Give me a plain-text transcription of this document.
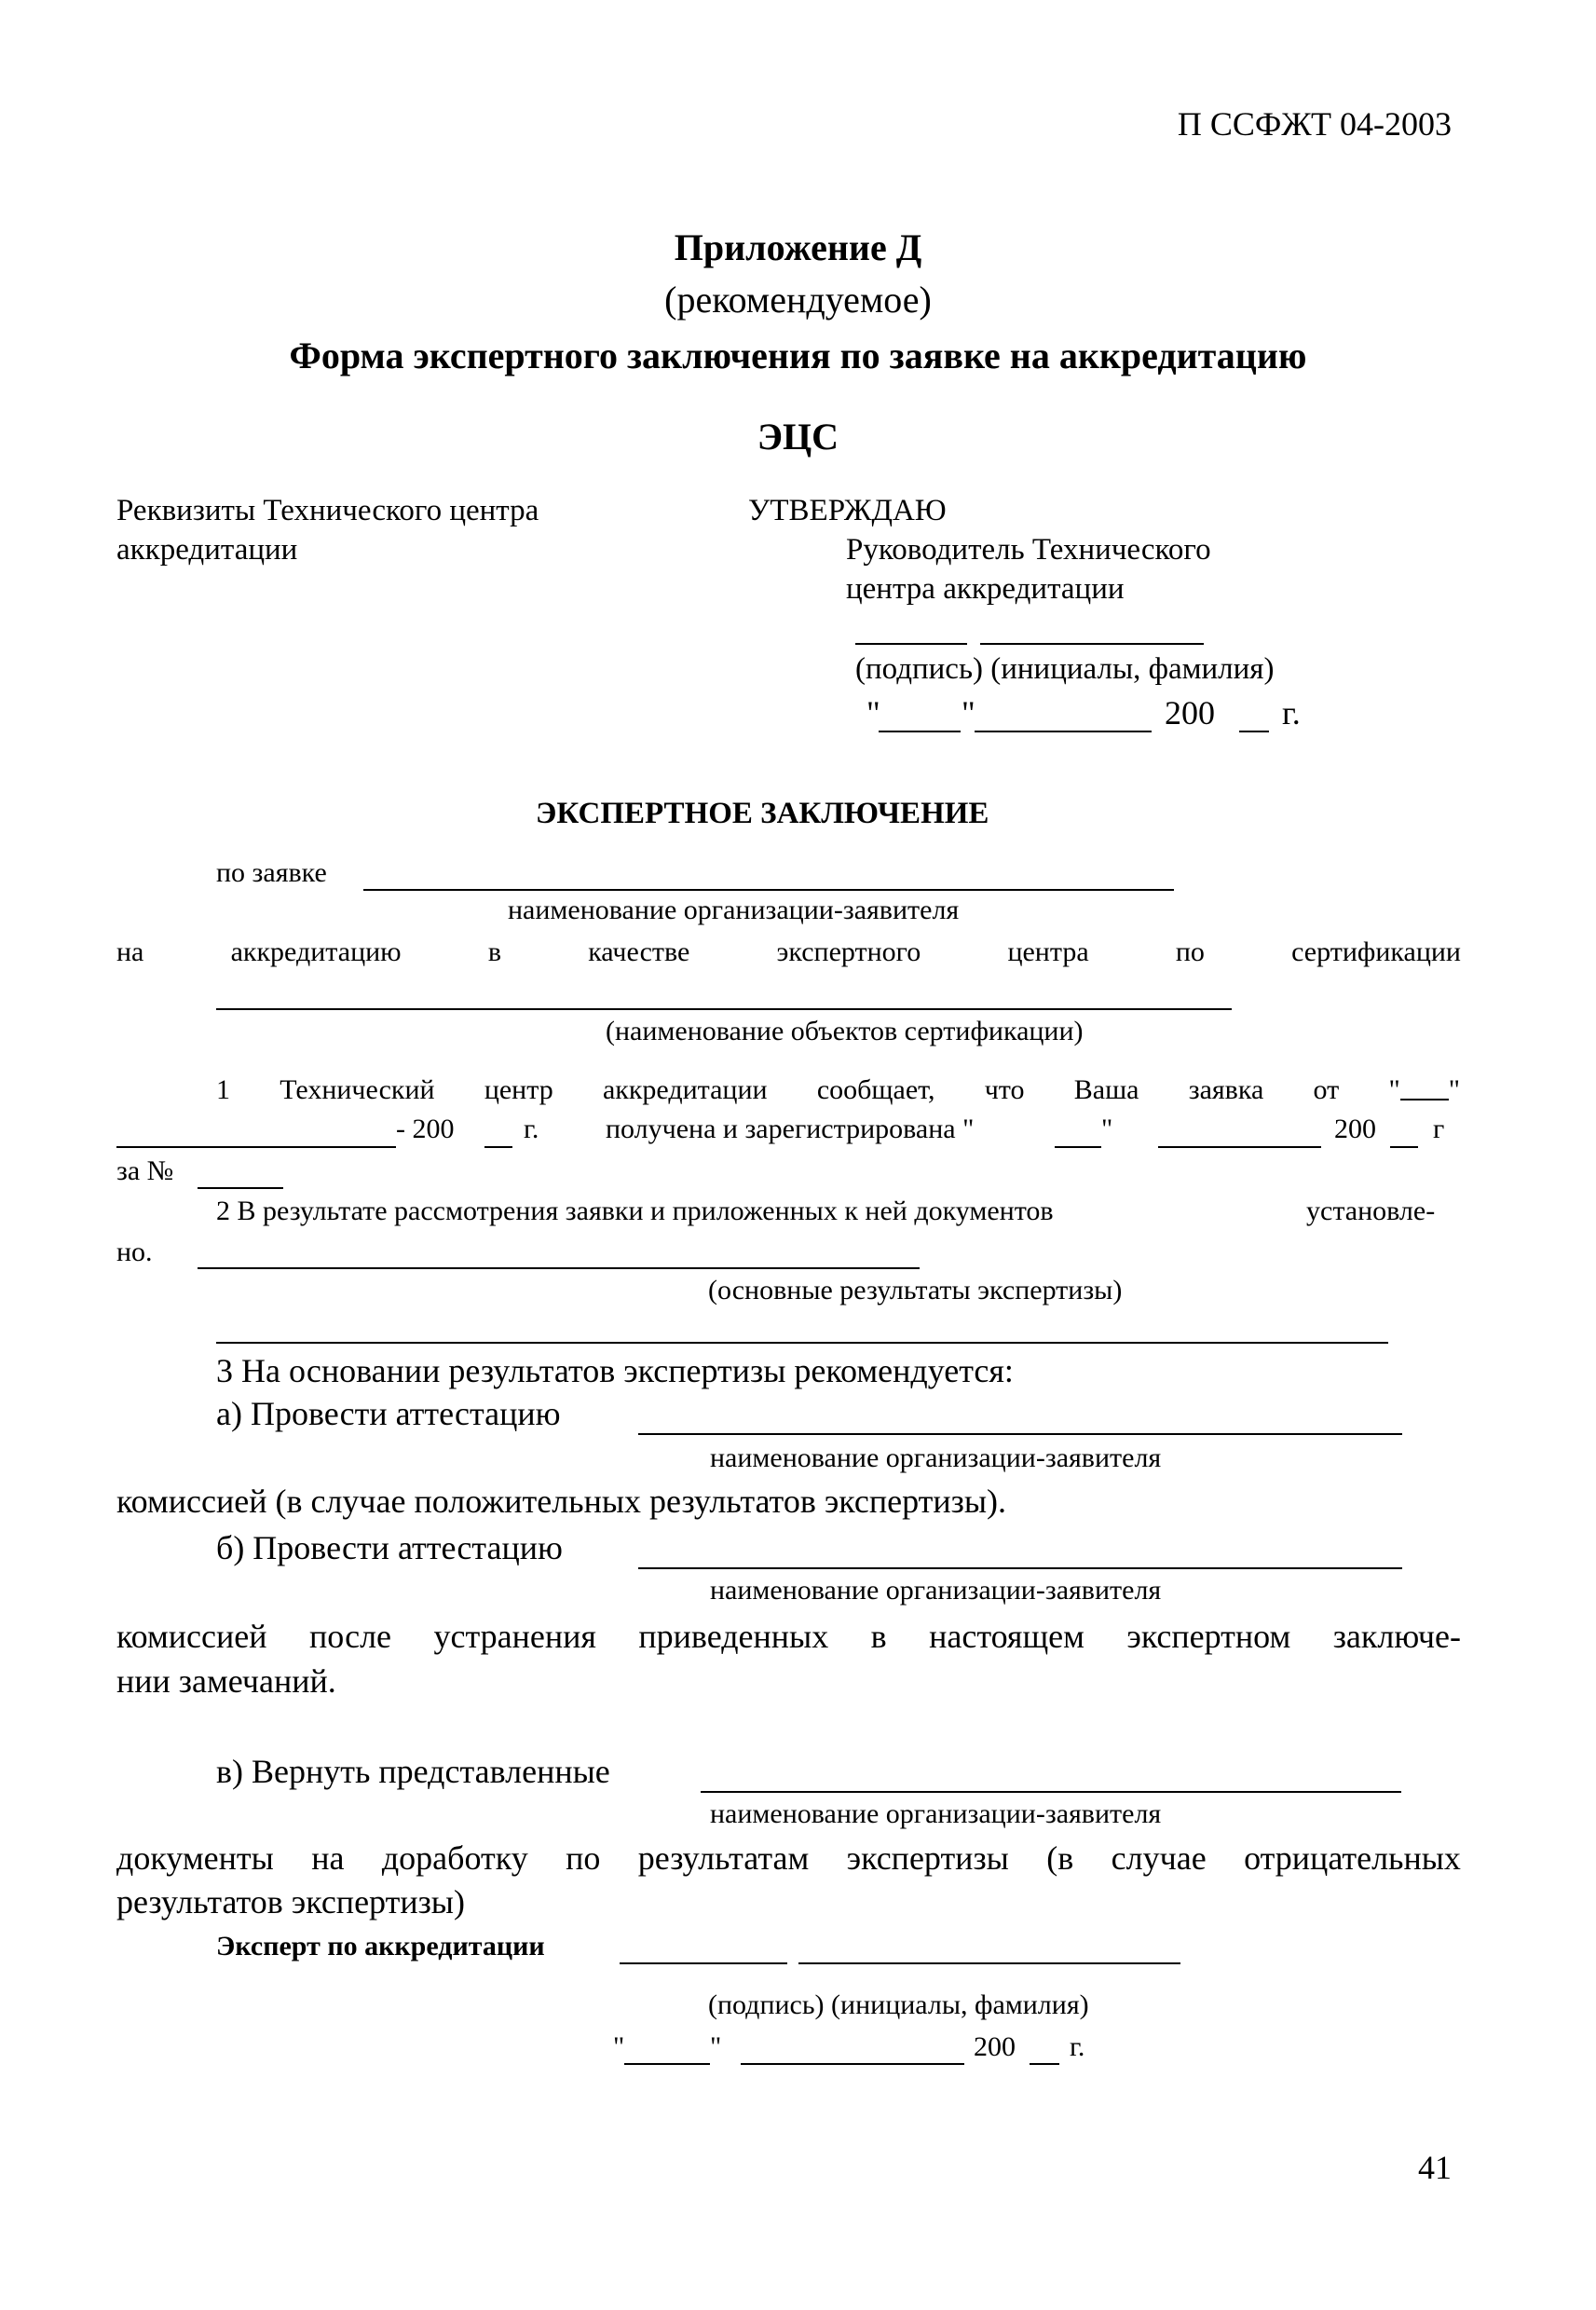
П ССФЖТ 04-2003
Приложение Д
(рекомендуемое)
Форма экспертного заключения по заявке на аккредитацию
ЭЦС
Реквизиты Технического центра
аккредитации
УТВЕРЖДАЮ
Руководитель Технического
центра аккредитации
(подпись) (инициалы, фамилия)
" "	200 г.
ЭКСПЕРТНОЕ ЗАКЛЮЧЕНИЕ
по заявке
наименование организации-заявителя
на	аккредитацию	в	качестве	экспертного	центра	по	сертификации
(наименование объектов сертификации)
1 Технический центр аккредитации сообщает, что Ваша заявка от " "
- 200 г. получена и зарегистрирована "	"	200 г
за №
2 В результате рассмотрения заявки и приложенных к ней документов	установле-
но.
(основные результаты экспертизы)
3 На основании результатов экспертизы рекомендуется:
а) Провести аттестацию
наименование организации-заявителя
комиссией (в случае положительных результатов экспертизы).
б) Провести аттестацию
наименование организации-заявителя
комиссией после устранения приведенных в настоящем экспертном заключе-
нии замечаний.
в) Вернуть представленные
наименование организации-заявителя
документы на доработку по результатам экспертизы (в случае отрицательных
результатов экспертизы)
Эксперт по аккредитации
(подпись) (инициалы, фамилия)
"	"	200 г.
41
